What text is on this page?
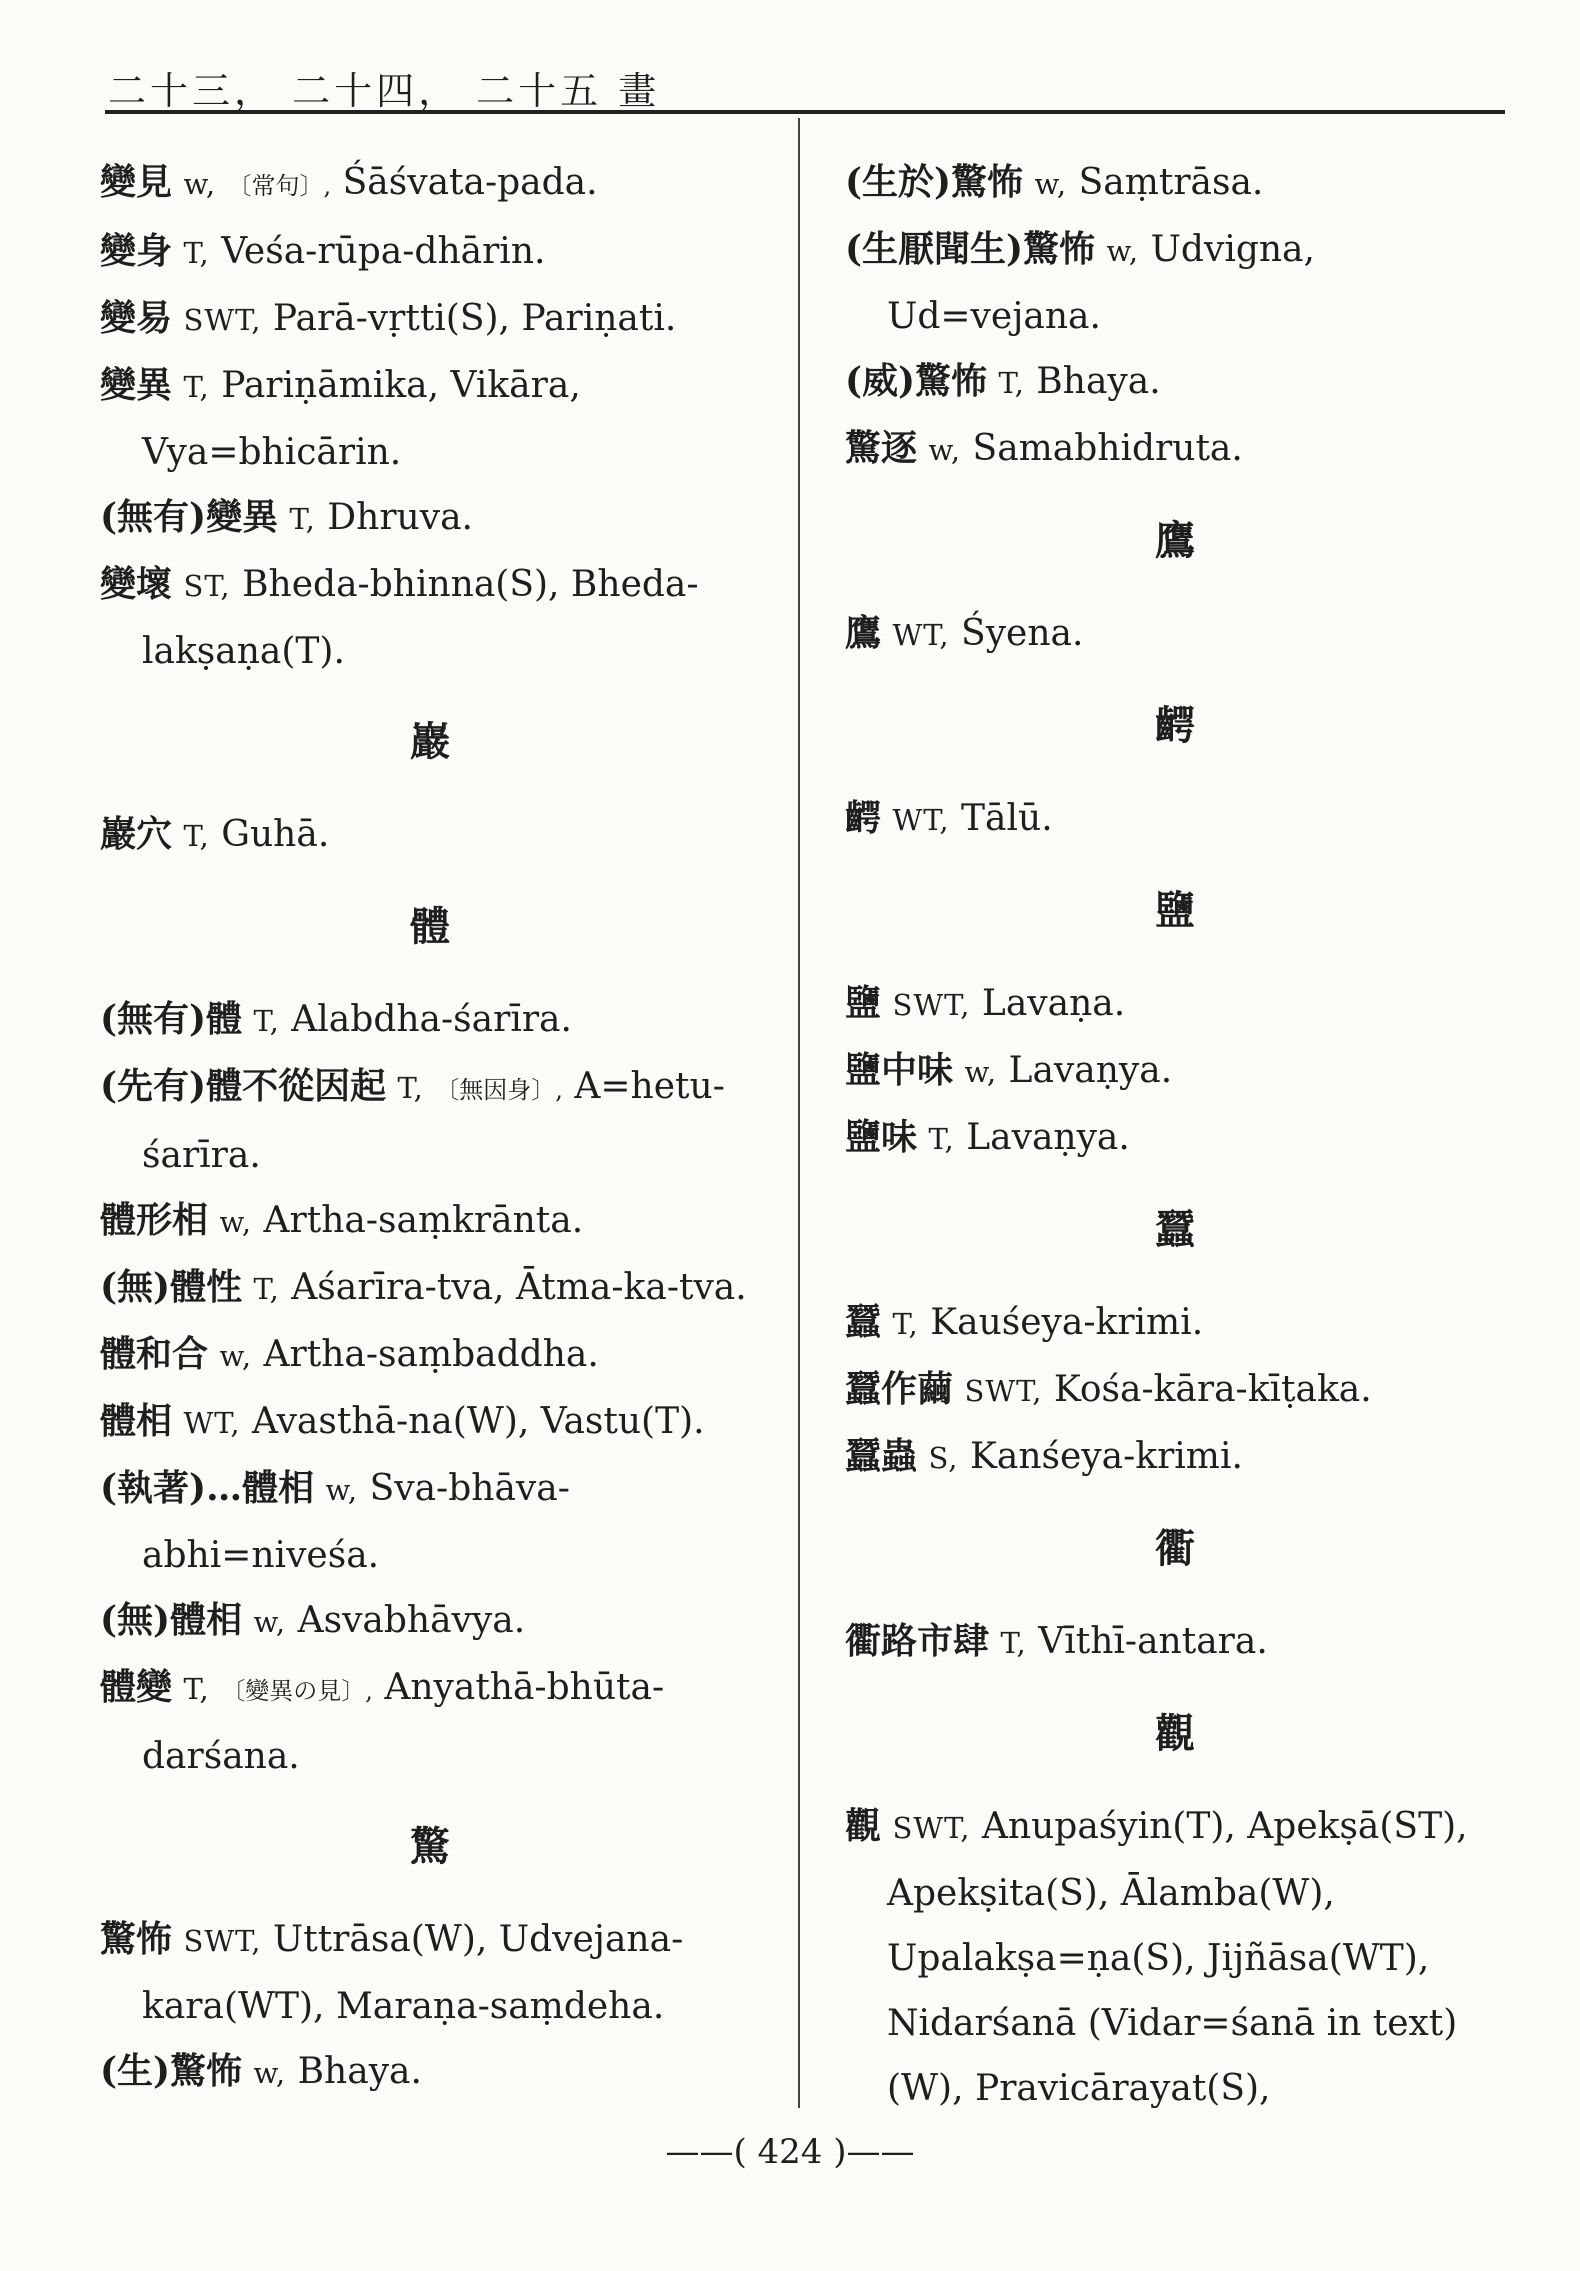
二十三， 二十四， 二十五 畫
變見 w, 〔常句〕, Śāśvata-pada.
變身 T, Veśa-rūpa-dhārin.
變易 SWT, Parā-vṛtti(S), Pariṇati.
變異 T, Pariṇāmika, Vikāra, Vya=bhicārin.
(無有)變異 T, Dhruva.
變壞 ST, Bheda-bhinna(S), Bheda-lakṣaṇa(T).
巖
巖穴 T, Guhā.
體
(無有)體 T, Alabdha-śarīra.
(先有)體不從因起 T, 〔無因身〕, A=hetu-śarīra.
體形相 w, Artha-saṃkrānta.
(無)體性 T, Aśarīra-tva, Ātma-ka-tva.
體和合 w, Artha-saṃbaddha.
體相 WT, Avasthā-na(W), Vastu(T).
(執著)…體相 w, Sva-bhāva-abhi=niveśa.
(無)體相 w, Asvabhāvya.
體變 T, 〔變異の見〕, Anyathā-bhūta-darśana.
驚
驚怖 SWT, Uttrāsa(W), Udvejana-kara(WT), Maraṇa-saṃdeha.
(生)驚怖 w, Bhaya.
(生於)驚怖 w, Saṃtrāsa.
(生厭聞生)驚怖 w, Udvigna, Ud=vejana.
(威)驚怖 T, Bhaya.
驚逐 w, Samabhidruta.
鷹
鷹 WT, Śyena.
齶
齶 WT, Tālū.
鹽
鹽 SWT, Lavaṇa.
鹽中味 w, Lavaṇya.
鹽味 T, Lavaṇya.
蠶
蠶 T, Kauśeya-krimi.
蠶作繭 SWT, Kośa-kāra-kīṭaka.
蠶蟲 S, Kanśeya-krimi.
衢
衢路市肆 T, Vīthī-antara.
觀
觀 SWT, Anupaśyin(T), Apekṣā(ST), Apekṣita(S), Ālamba(W), Upalakṣa=ṇa(S), Jijñāsa(WT), Nidarśanā (Vidar=śanā in text)(W), Pravicārayat(S),
——( 424 )——
